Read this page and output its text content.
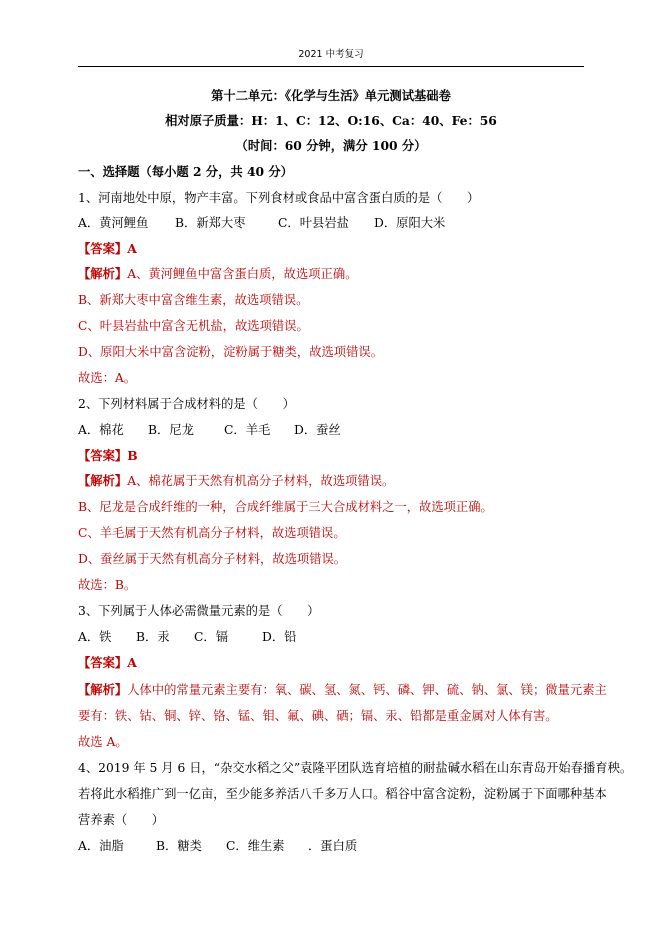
2021 中考复习
第十二单元：《化学与生活》单元测试基础卷
相对原子质量：H：1、C：12、O:16、Ca：40、Fe：56
（时间：60 分钟，满分 100 分）
一、选择题（每小题 2 分，共 40 分）
1、河南地处中原，物产丰富。下列食材或食品中富含蛋白质的是（　　）
A．黄河鲤鱼 B．新郑大枣	C．叶县岩盐 D．原阳大米
【答案】A
【解析】A、黄河鲤鱼中富含蛋白质，故选项正确。
B、新郑大枣中富含维生素，故选项错误。
C、叶县岩盐中富含无机盐，故选项错误。
D、原阳大米中富含淀粉，淀粉属于糖类，故选项错误。
故选：A。
2、下列材料属于合成材料的是（　　）
A．棉花 B．尼龙 C．羊毛 D．蚕丝
【答案】B
【解析】A、棉花属于天然有机高分子材料，故选项错误。
B、尼龙是合成纤维的一种，合成纤维属于三大合成材料之一，故选项正确。
C、羊毛属于天然有机高分子材料，故选项错误。
D、蚕丝属于天然有机高分子材料，故选项错误。
故选：B。
3、下列属于人体必需微量元素的是（　　）
A．铁 B．汞 C．镉	D．铅
【答案】A
【解析】人体中的常量元素主要有：氧、碳、氢、氮、钙、磷、钾、硫、钠、氯、镁；微量元素主
要有：铁、钴、铜、锌、铬、锰、钼、氟、碘、硒；镉、汞、铅都是重金属对人体有害。
故选 A。
4、2019 年 5 月 6 日，“杂交水稻之父”袁隆平团队选育培植的耐盐碱水稻在山东青岛开始春播育秧。
若将此水稻推广到一亿亩，至少能多养活八千多万人口。稻谷中富含淀粉，淀粉属于下面哪种基本
营养素（　　）
A．油脂	B．糖类 C．维生素 ．蛋白质
